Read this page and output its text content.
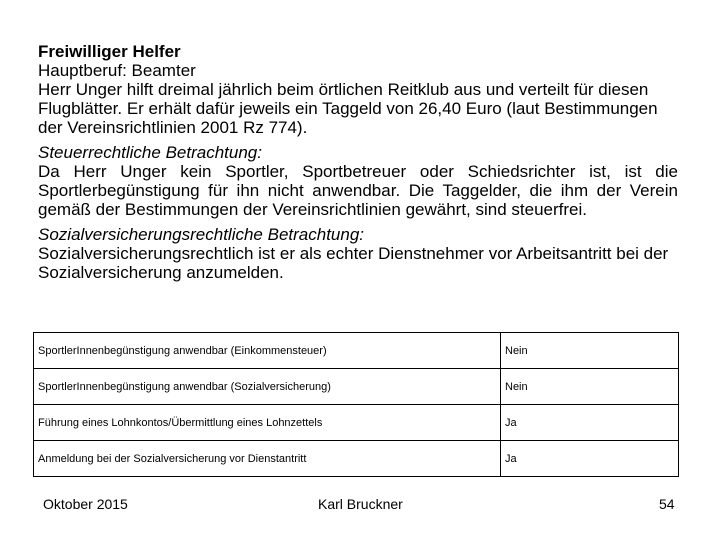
Freiwilliger Helfer

Hauptberuf: Beamter

Herr Unger hilft dreimal jährlich beim örtlichen Reitklub aus und verteilt für diesen Flugblätter. Er erhält dafür jeweils ein Taggeld von 26,40 Euro (laut Bestimmungen der Vereinsrichtlinien 2001 Rz 774).

Steuerrechtliche Betrachtung:

Da Herr Unger kein Sportler, Sportbetreuer oder Schiedsrichter ist, ist die Sportlerbegünstigung für ihn nicht anwendbar. Die Taggelder, die ihm der Verein gemäß der Bestimmungen der Vereinsrichtlinien gewährt, sind steuerfrei.

Sozialversicherungsrechtliche Betrachtung:

Sozialversicherungsrechtlich ist er als echter Dienstnehmer vor Arbeitsantritt bei der Sozialversicherung anzumelden.

SportlerInnenbegünstigung anwendbar (Einkommensteuer)	Nein
SportlerInnenbegünstigung anwendbar (Sozialversicherung)	Nein
Führung eines Lohnkontos/Übermittlung eines Lohnzettels	Ja
Anmeldung bei der Sozialversicherung vor Dienstantritt	Ja
Oktober 2015	Karl Bruckner	54
